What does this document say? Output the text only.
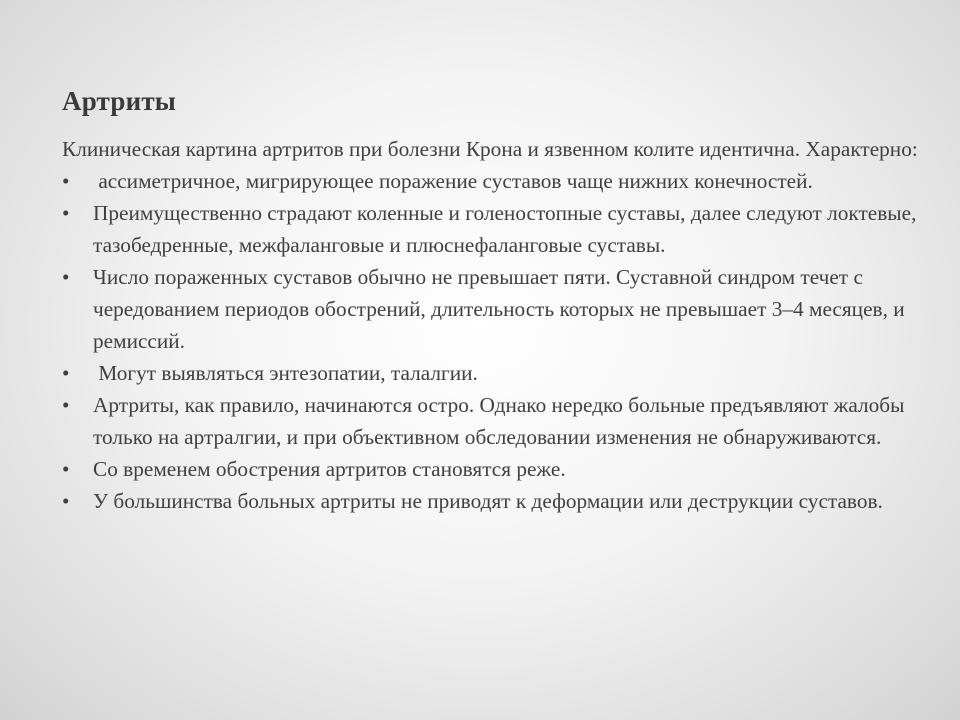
Артриты

Клиническая картина артритов при болезни Крона и язвенном колите идентична. Характерно:

•	ассиметричное, мигрирующее поражение суставов чаще нижних конечностей.
•	Преимущественно страдают коленные и голеностопные суставы, далее следуют локтевые, тазобедренные, межфаланговые и плюснефаланговые суставы.
•	Число пораженных суставов обычно не превышает пяти. Суставной синдром течет с чередованием периодов обострений, длительность которых не превышает 3–4 месяцев, и ремиссий.
•	Могут выявляться энтезопатии, талалгии.
•	Артриты, как правило, начинаются остро. Однако нередко больные предъявляют жалобы только на артралгии, и при объективном обследовании изменения не обнаруживаются.
•	Со временем обострения артритов становятся реже.
•	У большинства больных артриты не приводят к деформации или деструкции суставов.
